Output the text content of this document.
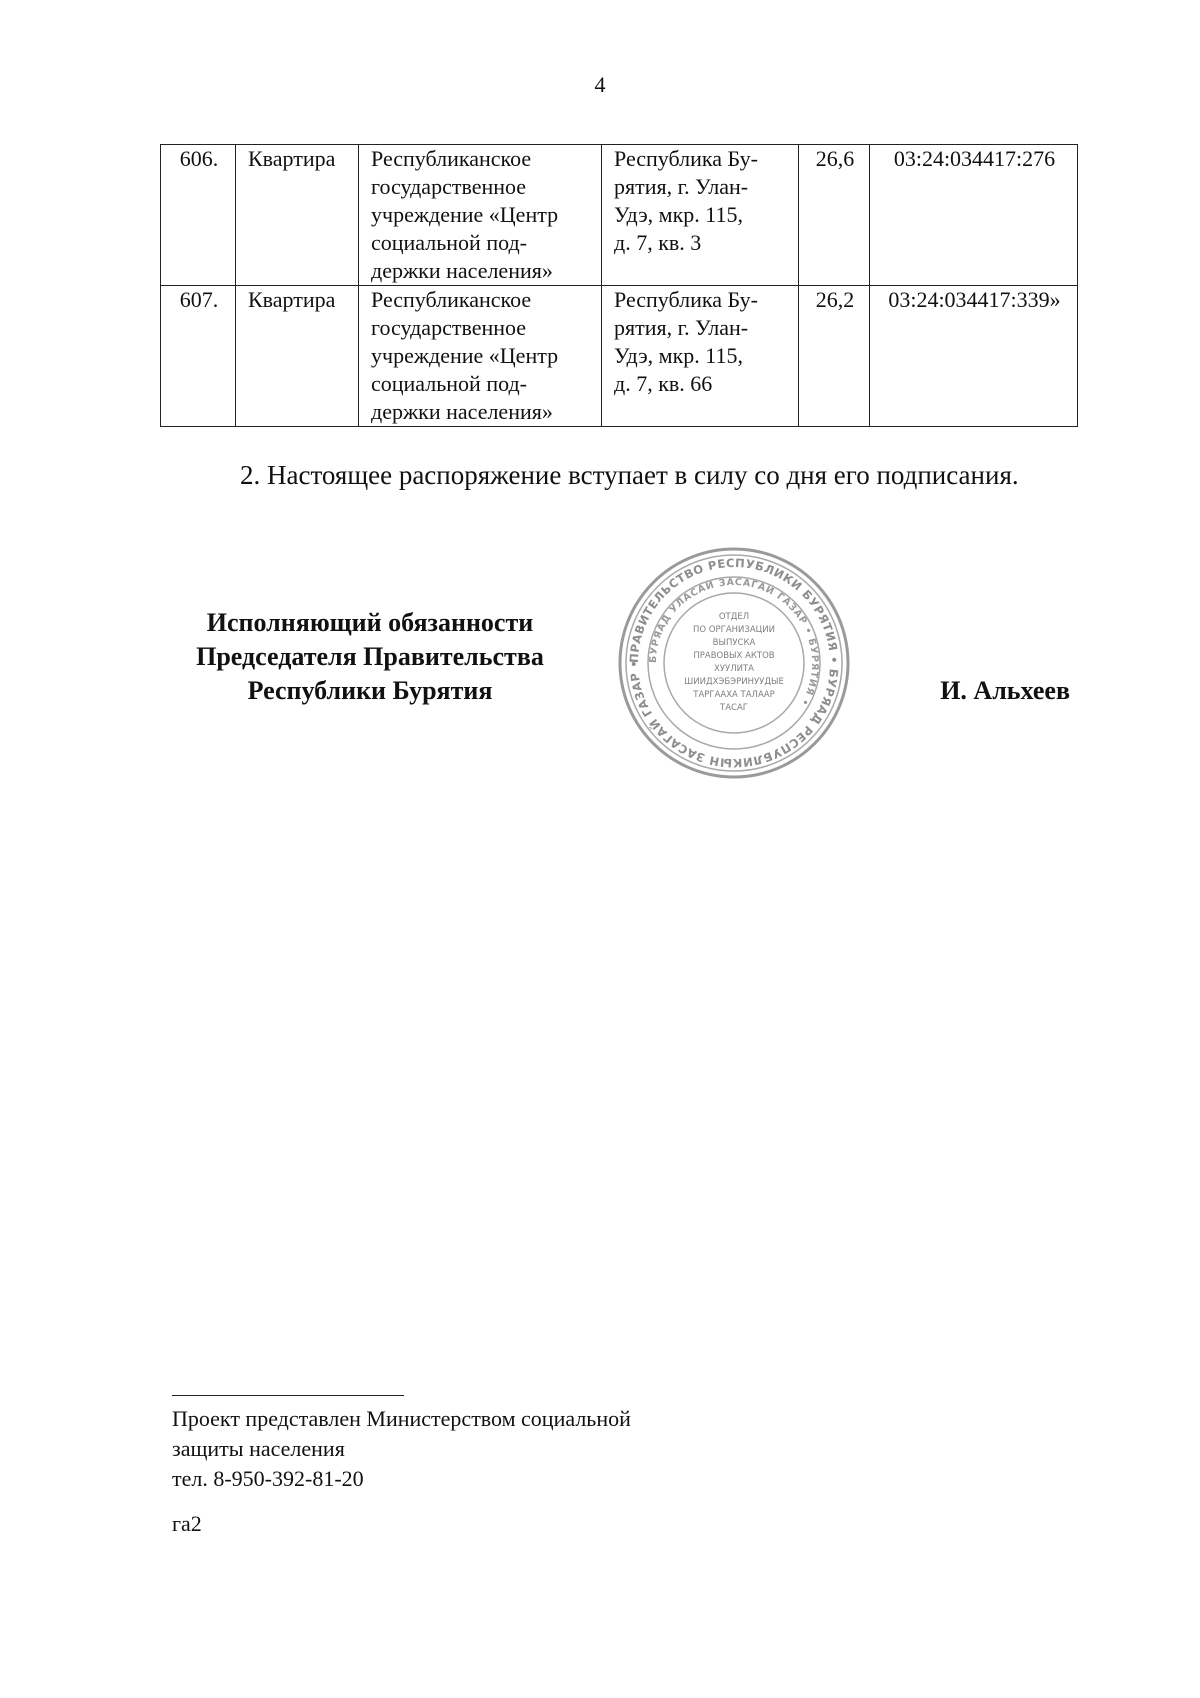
4
606.	Квартира	Республиканское
государственное
учреждение «Центр
социальной под-
держки населения»	Республика Бу-
рятия, г. Улан-
Удэ, мкр. 115,
д. 7, кв. 3	26,6	03:24:034417:276
607.	Квартира	Республиканское
государственное
учреждение «Центр
социальной под-
держки населения»	Республика Бу-
рятия, г. Улан-
Удэ, мкр. 115,
д. 7, кв. 66	26,2	03:24:034417:339»
2. Настоящее распоряжение вступает в силу со дня его подписания.
Исполняющий обязанности
Председателя Правительства
Республики Бурятия
ПРАВИТЕЛЬСТВО РЕСПУБЛИКИ БУРЯТИЯ • БУРЯАД РЕСПУБЛИКЫН ЗАСАГАЙ ГАЗАР •
БУРЯАД УЛАСАЙ ЗАСАГАЙ ГАЗАР • БУРЯТИЯ •
ОТДЕЛ
ПО ОРГАНИЗАЦИИ
ВЫПУСКА
ПРАВОВЫХ АКТОВ
ХУУЛИТА
ШИИДХЭБЭРИНУУДЫЕ
ТАРГААХА ТАЛААР
ТАСАГ
И. Альхеев
Проект представлен Министерством социальной
защиты населения
тел. 8-950-392-81-20
га2
